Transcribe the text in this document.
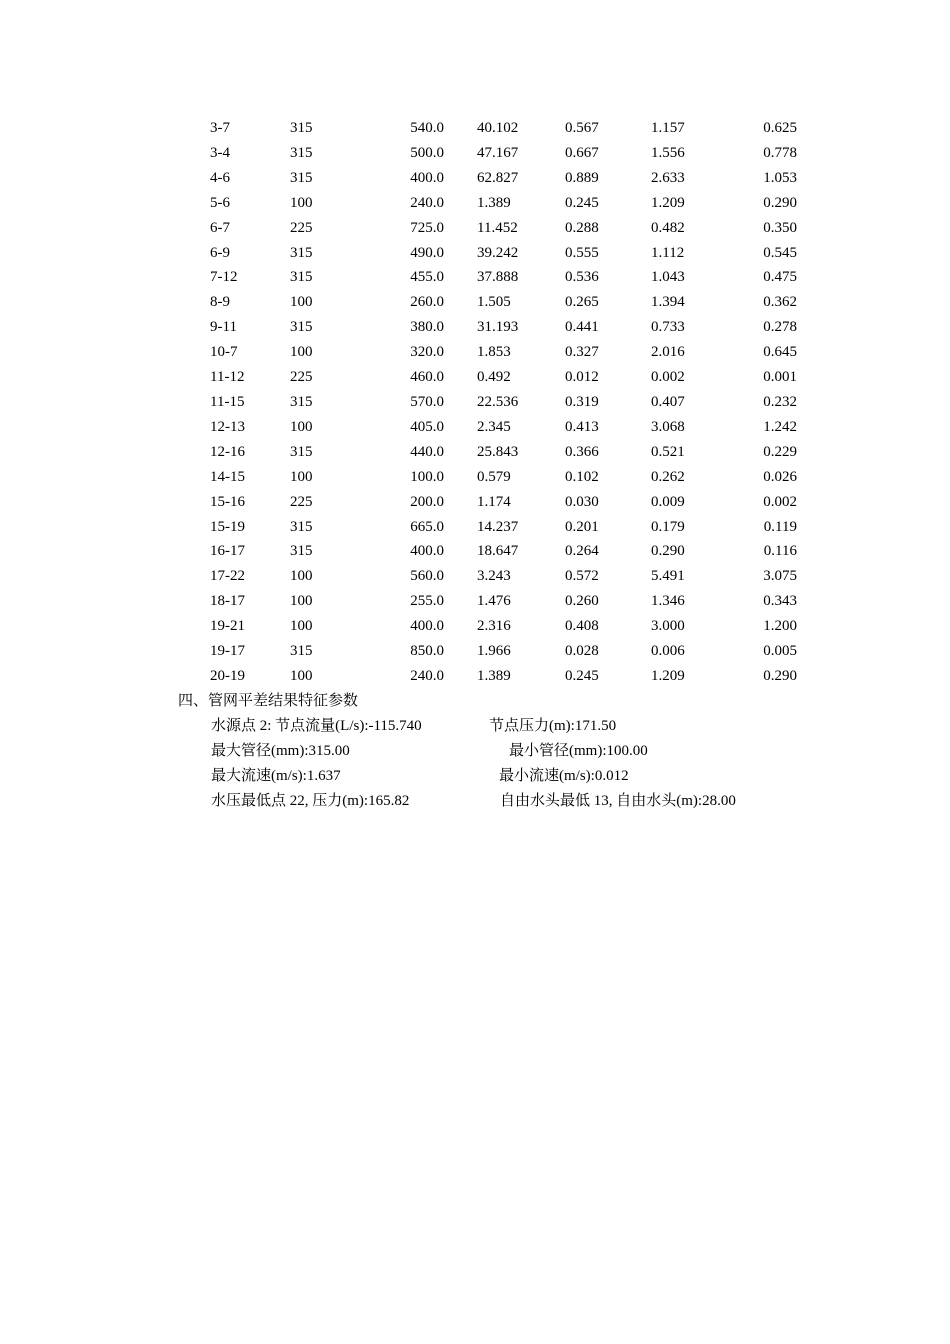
3-7	315	540.0	40.102	0.567	1.157	0.625
3-4	315	500.0	47.167	0.667	1.556	0.778
4-6	315	400.0	62.827	0.889	2.633	1.053
5-6	100	240.0	1.389	0.245	1.209	0.290
6-7	225	725.0	11.452	0.288	0.482	0.350
6-9	315	490.0	39.242	0.555	1.112	0.545
7-12	315	455.0	37.888	0.536	1.043	0.475
8-9	100	260.0	1.505	0.265	1.394	0.362
9-11	315	380.0	31.193	0.441	0.733	0.278
10-7	100	320.0	1.853	0.327	2.016	0.645
11-12	225	460.0	0.492	0.012	0.002	0.001
11-15	315	570.0	22.536	0.319	0.407	0.232
12-13	100	405.0	2.345	0.413	3.068	1.242
12-16	315	440.0	25.843	0.366	0.521	0.229
14-15	100	100.0	0.579	0.102	0.262	0.026
15-16	225	200.0	1.174	0.030	0.009	0.002
15-19	315	665.0	14.237	0.201	0.179	0.119
16-17	315	400.0	18.647	0.264	0.290	0.116
17-22	100	560.0	3.243	0.572	5.491	3.075
18-17	100	255.0	1.476	0.260	1.346	0.343
19-21	100	400.0	2.316	0.408	3.000	1.200
19-17	315	850.0	1.966	0.028	0.006	0.005
20-19	100	240.0	1.389	0.245	1.209	0.290
四、管网平差结果特征参数
水源点 2: 节点流量(L/s):-115.740	节点压力(m):171.50
最大管径(mm):315.00	最小管径(mm):100.00
最大流速(m/s):1.637	最小流速(m/s):0.012
水压最低点 22, 压力(m):165.82	自由水头最低 13, 自由水头(m):28.00
